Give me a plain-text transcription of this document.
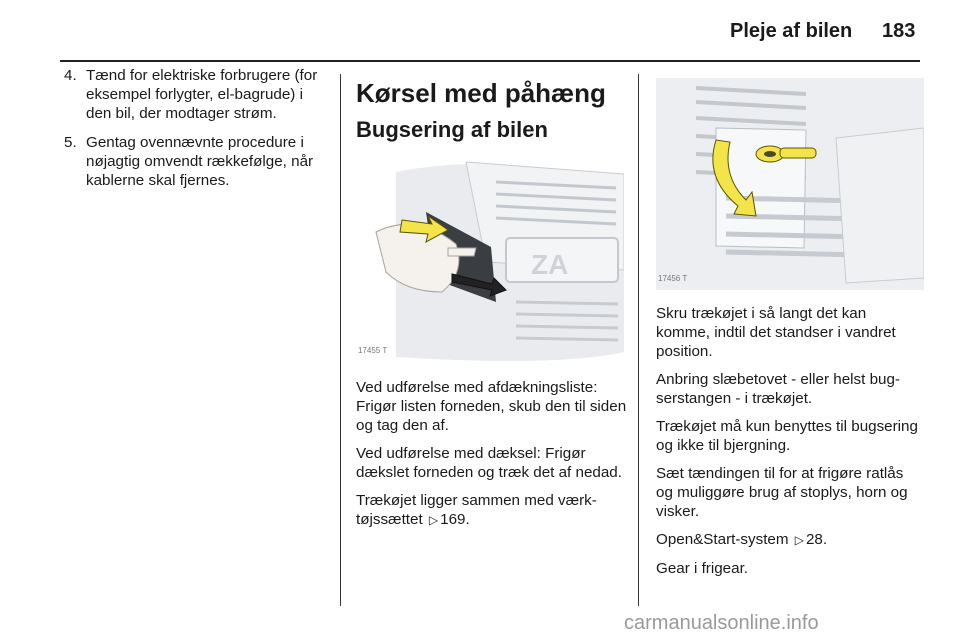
Pleje af bilen 183
4. Tænd for elektriske forbrugere (for eksempel forlygter, el-bagrude) i den bil, der modtager strøm.
5. Gentag ovennævnte procedure i nøjagtig omvendt rækkefølge, når kablerne skal fjernes.
Kørsel med påhæng
Bugsering af bilen
ZA
17455 T

Ved udførelse med afdækningsliste: Frigør listen forneden, skub den til siden og tag den af.

Ved udførelse med dæksel: Frigør dækslet forneden og træk det af nedad.

Trækøjet ligger sammen med værktøjssættet ▷ 169.

17456 T

Skru trækøjet i så langt det kan komme, indtil det standser i vandret position.

Anbring slæbetovet - eller helst bugserstangen - i trækøjet.

Trækøjet må kun benyttes til bugsering og ikke til bjergning.

Sæt tændingen til for at frigøre ratlås og muliggøre brug af stoplys, horn og visker.

Open&Start-system ▷ 28.

Gear i frigear.

carmanualsonline.info
